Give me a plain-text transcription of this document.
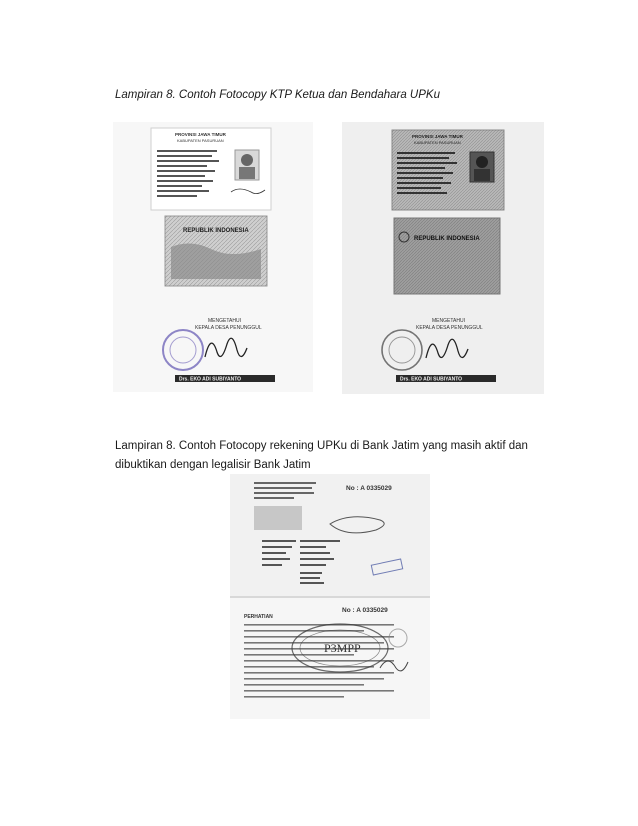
Lampiran 8. Contoh Fotocopy KTP Ketua dan Bendahara UPKu
PROVINSI JAWA TIMUR
KABUPATEN PASURUAN
REPUBLIK INDONESIA
MENGETAHUI
KEPALA DESA PENUNGGUL
Drs. EKO ADI SUBIYANTO
PROVINSI JAWA TIMUR
KABUPATEN PASURUAN
REPUBLIK INDONESIA
MENGETAHUI
KEPALA DESA PENUNGGUL
Drs. EKO ADI SUBIYANTO
Lampiran 8. Contoh Fotocopy rekening UPKu di Bank Jatim yang masih aktif dan dibuktikan dengan legalisir Bank Jatim
No : A 0335029
No : A 0335029
PERHATIAN
P3MPP
